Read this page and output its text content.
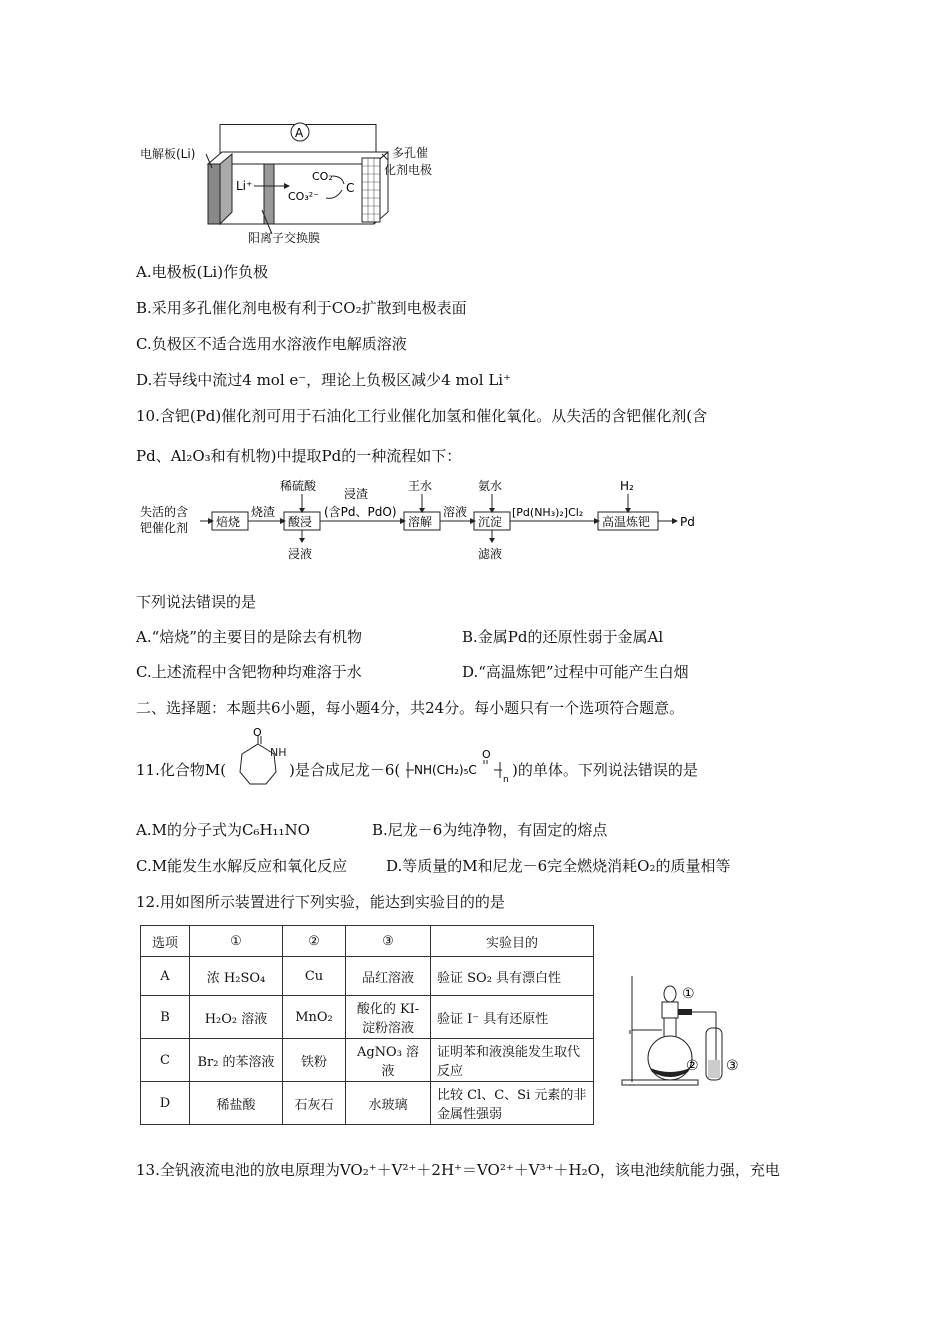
A
Li⁺
CO₂
CO₃²⁻
C
电解板(Li)	多孔催
化剂电极
阳离子交换膜
A.电极板(Li)作负极
B.采用多孔催化剂电极有利于CO₂扩散到电极表面
C.负极区不适合选用水溶液作电解质溶液
D.若导线中流过4 mol e⁻，理论上负极区减少4 mol Li⁺
10.含钯(Pd)催化剂可用于石油化工行业催化加氢和催化氧化。从失活的含钯催化剂(含
Pd、Al₂O₃和有机物)中提取Pd的一种流程如下：
失活的含
钯催化剂 焙烧
烧渣
稀硫酸
酸浸
浸液
浸渣
(含Pd、PdO)
王水
溶解
溶液
氨水
沉淀
滤液
[Pd(NH₃)₂]Cl₂
H₂
高温炼钯 Pd
下列说法错误的是
A.“焙烧”的主要目的是除去有机物	B.金属Pd的还原性弱于金属Al
C.上述流程中含钯物种均难溶于水	D.“高温炼钯”过程中可能产生白烟
二、选择题：本题共6小题，每小题4分，共24分。每小题只有一个选项符合题意。
11.化合物M(
O
NH
)是合成尼龙－6( NH(CH₂)₅C
O
n
)的单体。下列说法错误的是
A.M的分子式为C₆H₁₁NO	B.尼龙－6为纯净物，有固定的熔点
C.M能发生水解反应和氧化反应	D.等质量的M和尼龙－6完全燃烧消耗O₂的质量相等
12.用如图所示装置进行下列实验，能达到实验目的的是
选项	①	②	③	实验目的
A	浓 H₂SO₄	Cu	品红溶液	验证 SO₂ 具有漂白性
B	H₂O₂ 溶液	MnO₂	酸化的 KI-淀粉溶液	验证 I⁻ 具有还原性
C	Br₂ 的苯溶液	铁粉	AgNO₃ 溶液	证明苯和液溴能发生取代反应
D	稀盐酸	石灰石	水玻璃	比较 Cl、C、Si 元素的非金属性强弱
①
② ③
13.全钒液流电池的放电原理为VO₂⁺＋V²⁺＋2H⁺＝VO²⁺＋V³⁺＋H₂O，该电池续航能力强，充电
